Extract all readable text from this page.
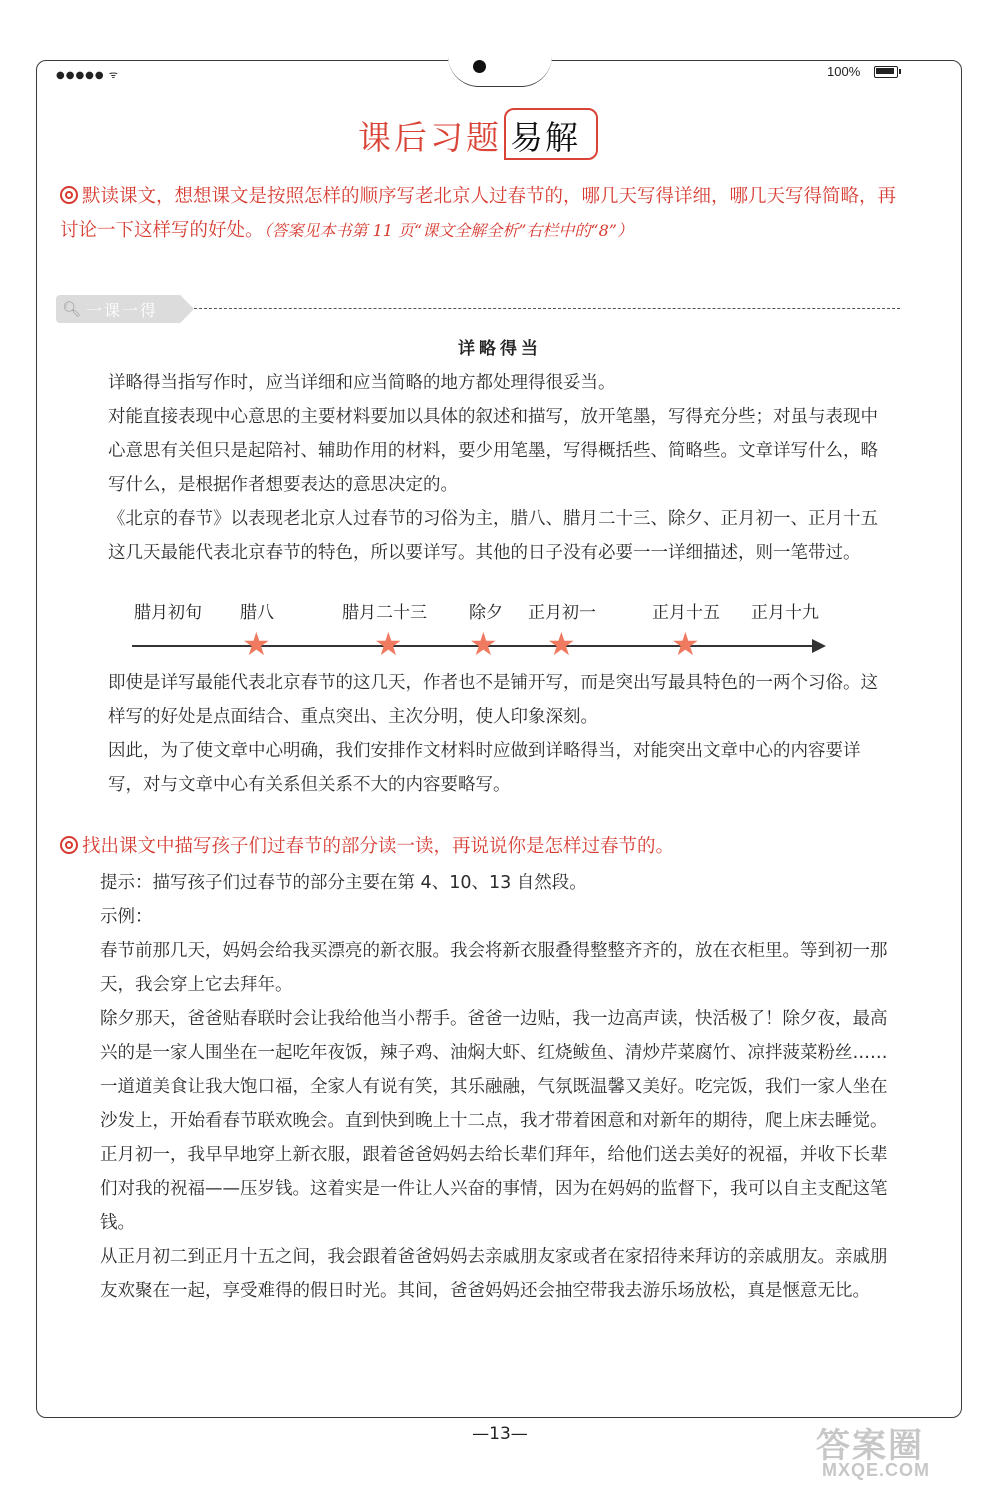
●●●●● ᯤ	100%
课后习题 易解
默读课文，想想课文是按照怎样的顺序写老北京人过春节的，哪几天写得详细，哪几天写得简略，再讨论一下这样写的好处。（答案见本书第 11 页“课文全解全析”右栏中的“8”）
🔍︎ 一课一得
详略得当

详略得当指写作时，应当详细和应当简略的地方都处理得很妥当。

对能直接表现中心意思的主要材料要加以具体的叙述和描写，放开笔墨，写得充分些；对虽与表现中心意思有关但只是起陪衬、辅助作用的材料，要少用笔墨，写得概括些、简略些。文章详写什么，略写什么，是根据作者想要表达的意思决定的。

《北京的春节》以表现老北京人过春节的习俗为主，腊八、腊月二十三、除夕、正月初一、正月十五这几天最能代表北京春节的特色，所以要详写。其他的日子没有必要一一详细描述，则一笔带过。

腊月初旬 腊八	腊月二十三 除夕 正月初一	正月十五 正月十九
★	★ ★ ★	★

即使是详写最能代表北京春节的这几天，作者也不是铺开写，而是突出写最具特色的一两个习俗。这样写的好处是点面结合、重点突出、主次分明，使人印象深刻。

因此，为了使文章中心明确，我们安排作文材料时应做到详略得当，对能突出文章中心的内容要详写，对与文章中心有关系但关系不大的内容要略写。

找出课文中描写孩子们过春节的部分读一读，再说说你是怎样过春节的。

提示：描写孩子们过春节的部分主要在第 4、10、13 自然段。

示例：

春节前那几天，妈妈会给我买漂亮的新衣服。我会将新衣服叠得整整齐齐的，放在衣柜里。等到初一那天，我会穿上它去拜年。

除夕那天，爸爸贴春联时会让我给他当小帮手。爸爸一边贴，我一边高声读，快活极了！除夕夜，最高兴的是一家人围坐在一起吃年夜饭，辣子鸡、油焖大虾、红烧鲅鱼、清炒芹菜腐竹、凉拌菠菜粉丝……一道道美食让我大饱口福，全家人有说有笑，其乐融融，气氛既温馨又美好。吃完饭，我们一家人坐在沙发上，开始看春节联欢晚会。直到快到晚上十二点，我才带着困意和对新年的期待，爬上床去睡觉。

正月初一，我早早地穿上新衣服，跟着爸爸妈妈去给长辈们拜年，给他们送去美好的祝福，并收下长辈们对我的祝福——压岁钱。这着实是一件让人兴奋的事情，因为在妈妈的监督下，我可以自主支配这笔钱。

从正月初二到正月十五之间，我会跟着爸爸妈妈去亲戚朋友家或者在家招待来拜访的亲戚朋友。亲戚朋友欢聚在一起，享受难得的假日时光。其间，爸爸妈妈还会抽空带我去游乐场放松，真是惬意无比。

—13—	答案圈
MXQE.COM
